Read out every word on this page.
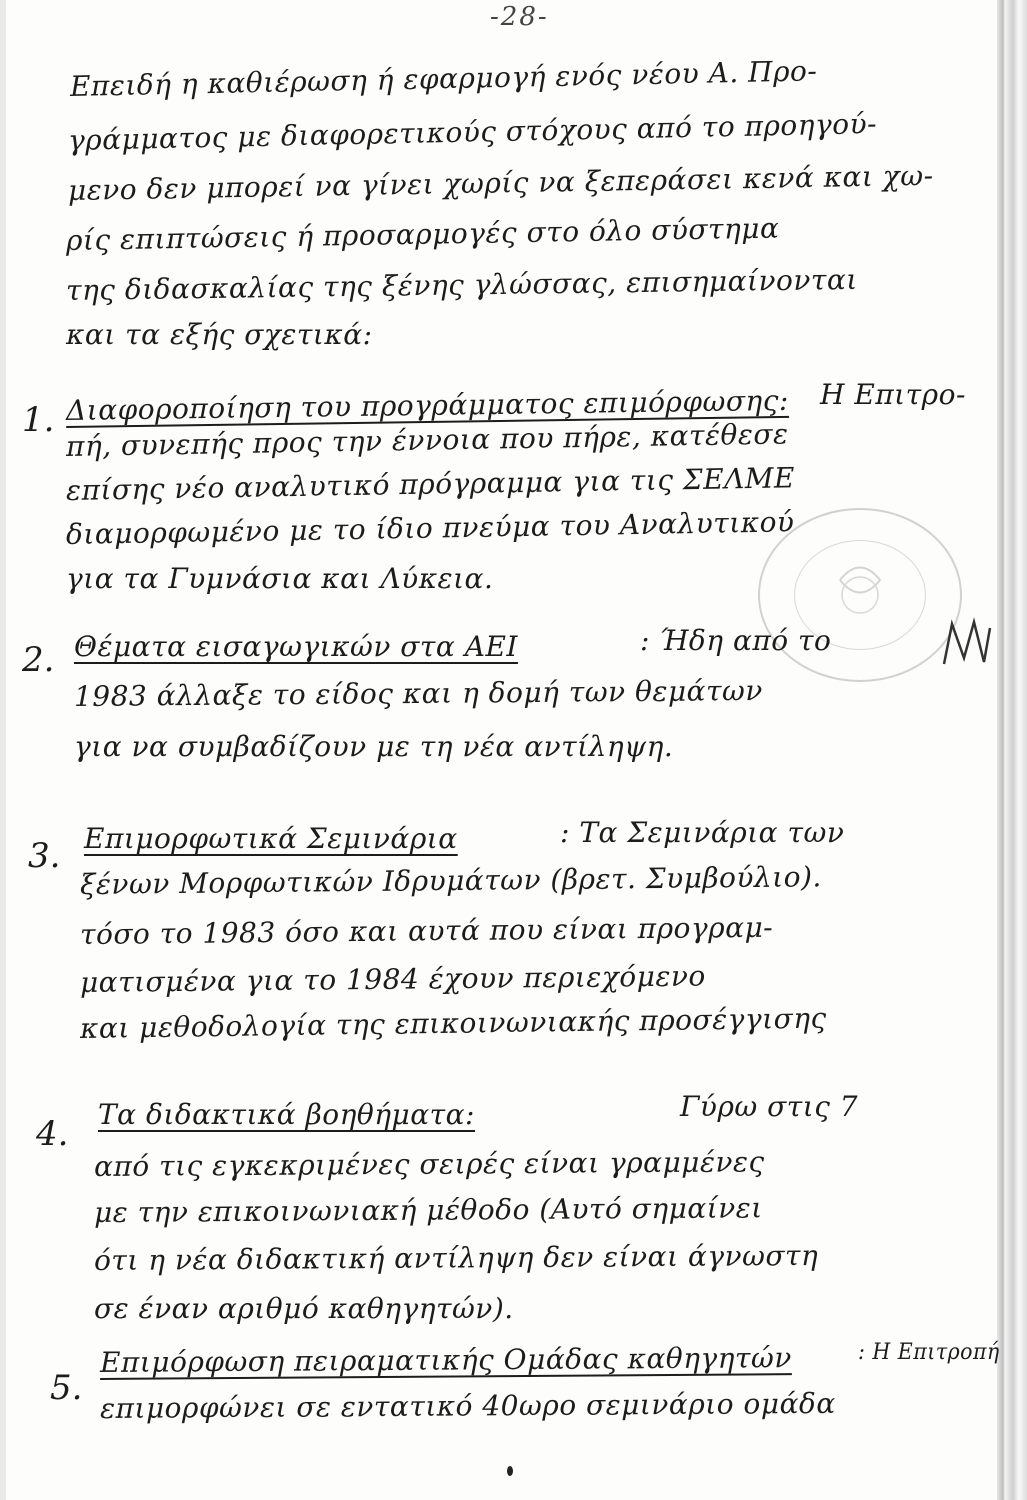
-28-
Επειδή η καθιέρωση ή εφαρμογή ενός νέου Α. Προ-
γράμματος με διαφορετικούς στόχους από το προηγού-
μενο δεν μπορεί να γίνει χωρίς να ξεπεράσει κενά και χω-
ρίς επιπτώσεις ή προσαρμογές στο όλο σύστημα
της διδασκαλίας της ξένης γλώσσας, επισημαίνονται
και τα εξής σχετικά:
1. Διαφοροποίηση του προγράμματος επιμόρφωσης: Η Επιτρο-
πή, συνεπής προς την έννοια που πήρε, κατέθεσε
επίσης νέο αναλυτικό πρόγραμμα για τις ΣΕΛΜΕ
διαμορφωμένο με το ίδιο πνεύμα του Αναλυτικού
για τα Γυμνάσια και Λύκεια.
2. Θέματα εισαγωγικών στα ΑΕΙ	: Ήδη από το
1983 άλλαξε το είδος και η δομή των θεμάτων
για να συμβαδίζουν με τη νέα αντίληψη.
3. Επιμορφωτικά Σεμινάρια	: Τα Σεμινάρια των
ξένων Μορφωτικών Ιδρυμάτων (βρετ. Συμβούλιο).
τόσο το 1983 όσο και αυτά που είναι προγραμ-
ματισμένα για το 1984 έχουν περιεχόμενο
και μεθοδολογία της επικοινωνιακής προσέγγισης
4. Τα διδακτικά βοηθήματα:	Γύρω στις 7
από τις εγκεκριμένες σειρές είναι γραμμένες
με την επικοινωνιακή μέθοδο (Αυτό σημαίνει
ότι η νέα διδακτική αντίληψη δεν είναι άγνωστη
σε έναν αριθμό καθηγητών).
5.
Επιμόρφωση πειραματικής Ομάδας καθηγητών	: Η Επιτροπή
επιμορφώνει σε εντατικό 40ωρο σεμινάριο ομάδα
